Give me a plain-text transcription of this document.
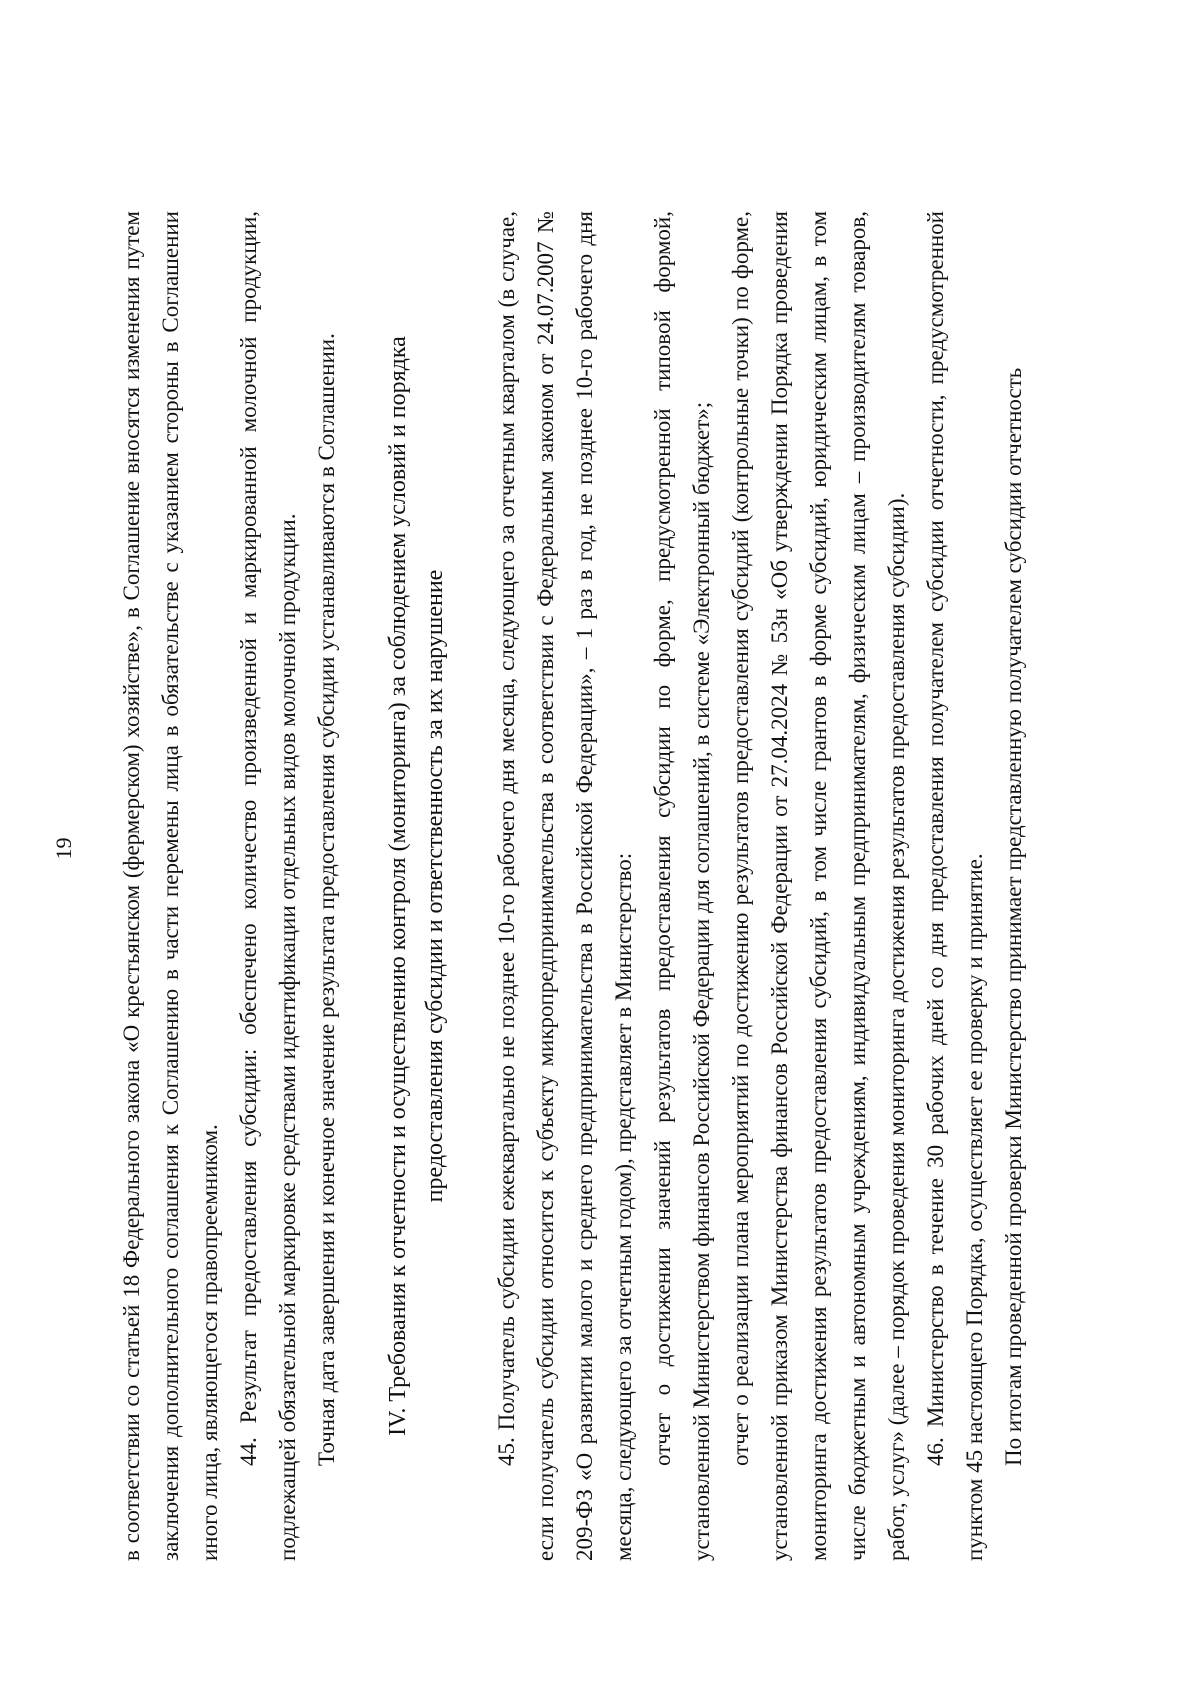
19	в соответствии со статьей 18 Федерального закона «О крестьянском (фермерском) хозяйстве», в Соглашение вносятся изменения путем заключения дополнительного соглашения к Соглашению в части перемены лица в обязательстве с указанием стороны в Соглашении иного лица, являющегося правопреемником. 44. Результат предоставления субсидии: обеспечено количество произведенной и маркированной молочной продукции, подлежащей обязательной маркировке средствами идентификации отдельных видов молочной продукции. Точная дата завершения и конечное значение результата предоставления субсидии устанавливаются в Соглашении. IV. Требования к отчетности и осуществлению контроля (мониторинга) за соблюдением условий и порядка предоставления субсидии и ответственность за их нарушение	45. Получатель субсидии ежеквартально не позднее 10-го рабочего дня месяца, следующего за отчетным кварталом (в случае, если получатель субсидии относится к субъекту микропредпринимательства в соответствии с Федеральным законом от 24.07.2007 № 209-ФЗ «О развитии малого и среднего предпринимательства в Российской Федерации», – 1 раз в год, не позднее 10-го рабочего дня месяца, следующего за отчетным годом), представляет в Министерство: отчет о достижении значений результатов предоставления субсидии по форме, предусмотренной типовой формой, установленной Министерством финансов Российской Федерации для соглашений, в системе «Электронный бюджет»; отчет о реализации плана мероприятий по достижению результатов предоставления субсидий (контрольные точки) по форме, установленной приказом Министерства финансов Российской Федерации от 27.04.2024 № 53н «Об утверждении Порядка проведения мониторинга достижения результатов предоставления субсидий, в том числе грантов в форме субсидий, юридическим лицам, в том числе бюджетным и автономным учреждениям, индивидуальным предпринимателям, физическим лицам – производителям товаров, работ, услуг» (далее – порядок проведения мониторинга достижения результатов предоставления субсидии). 46. Министерство в течение 30 рабочих дней со дня предоставления получателем субсидии отчетности, предусмотренной пунктом 45 настоящего Порядка, осуществляет ее проверку и принятие. По итогам проведенной проверки Министерство принимает представленную получателем субсидии отчетность
